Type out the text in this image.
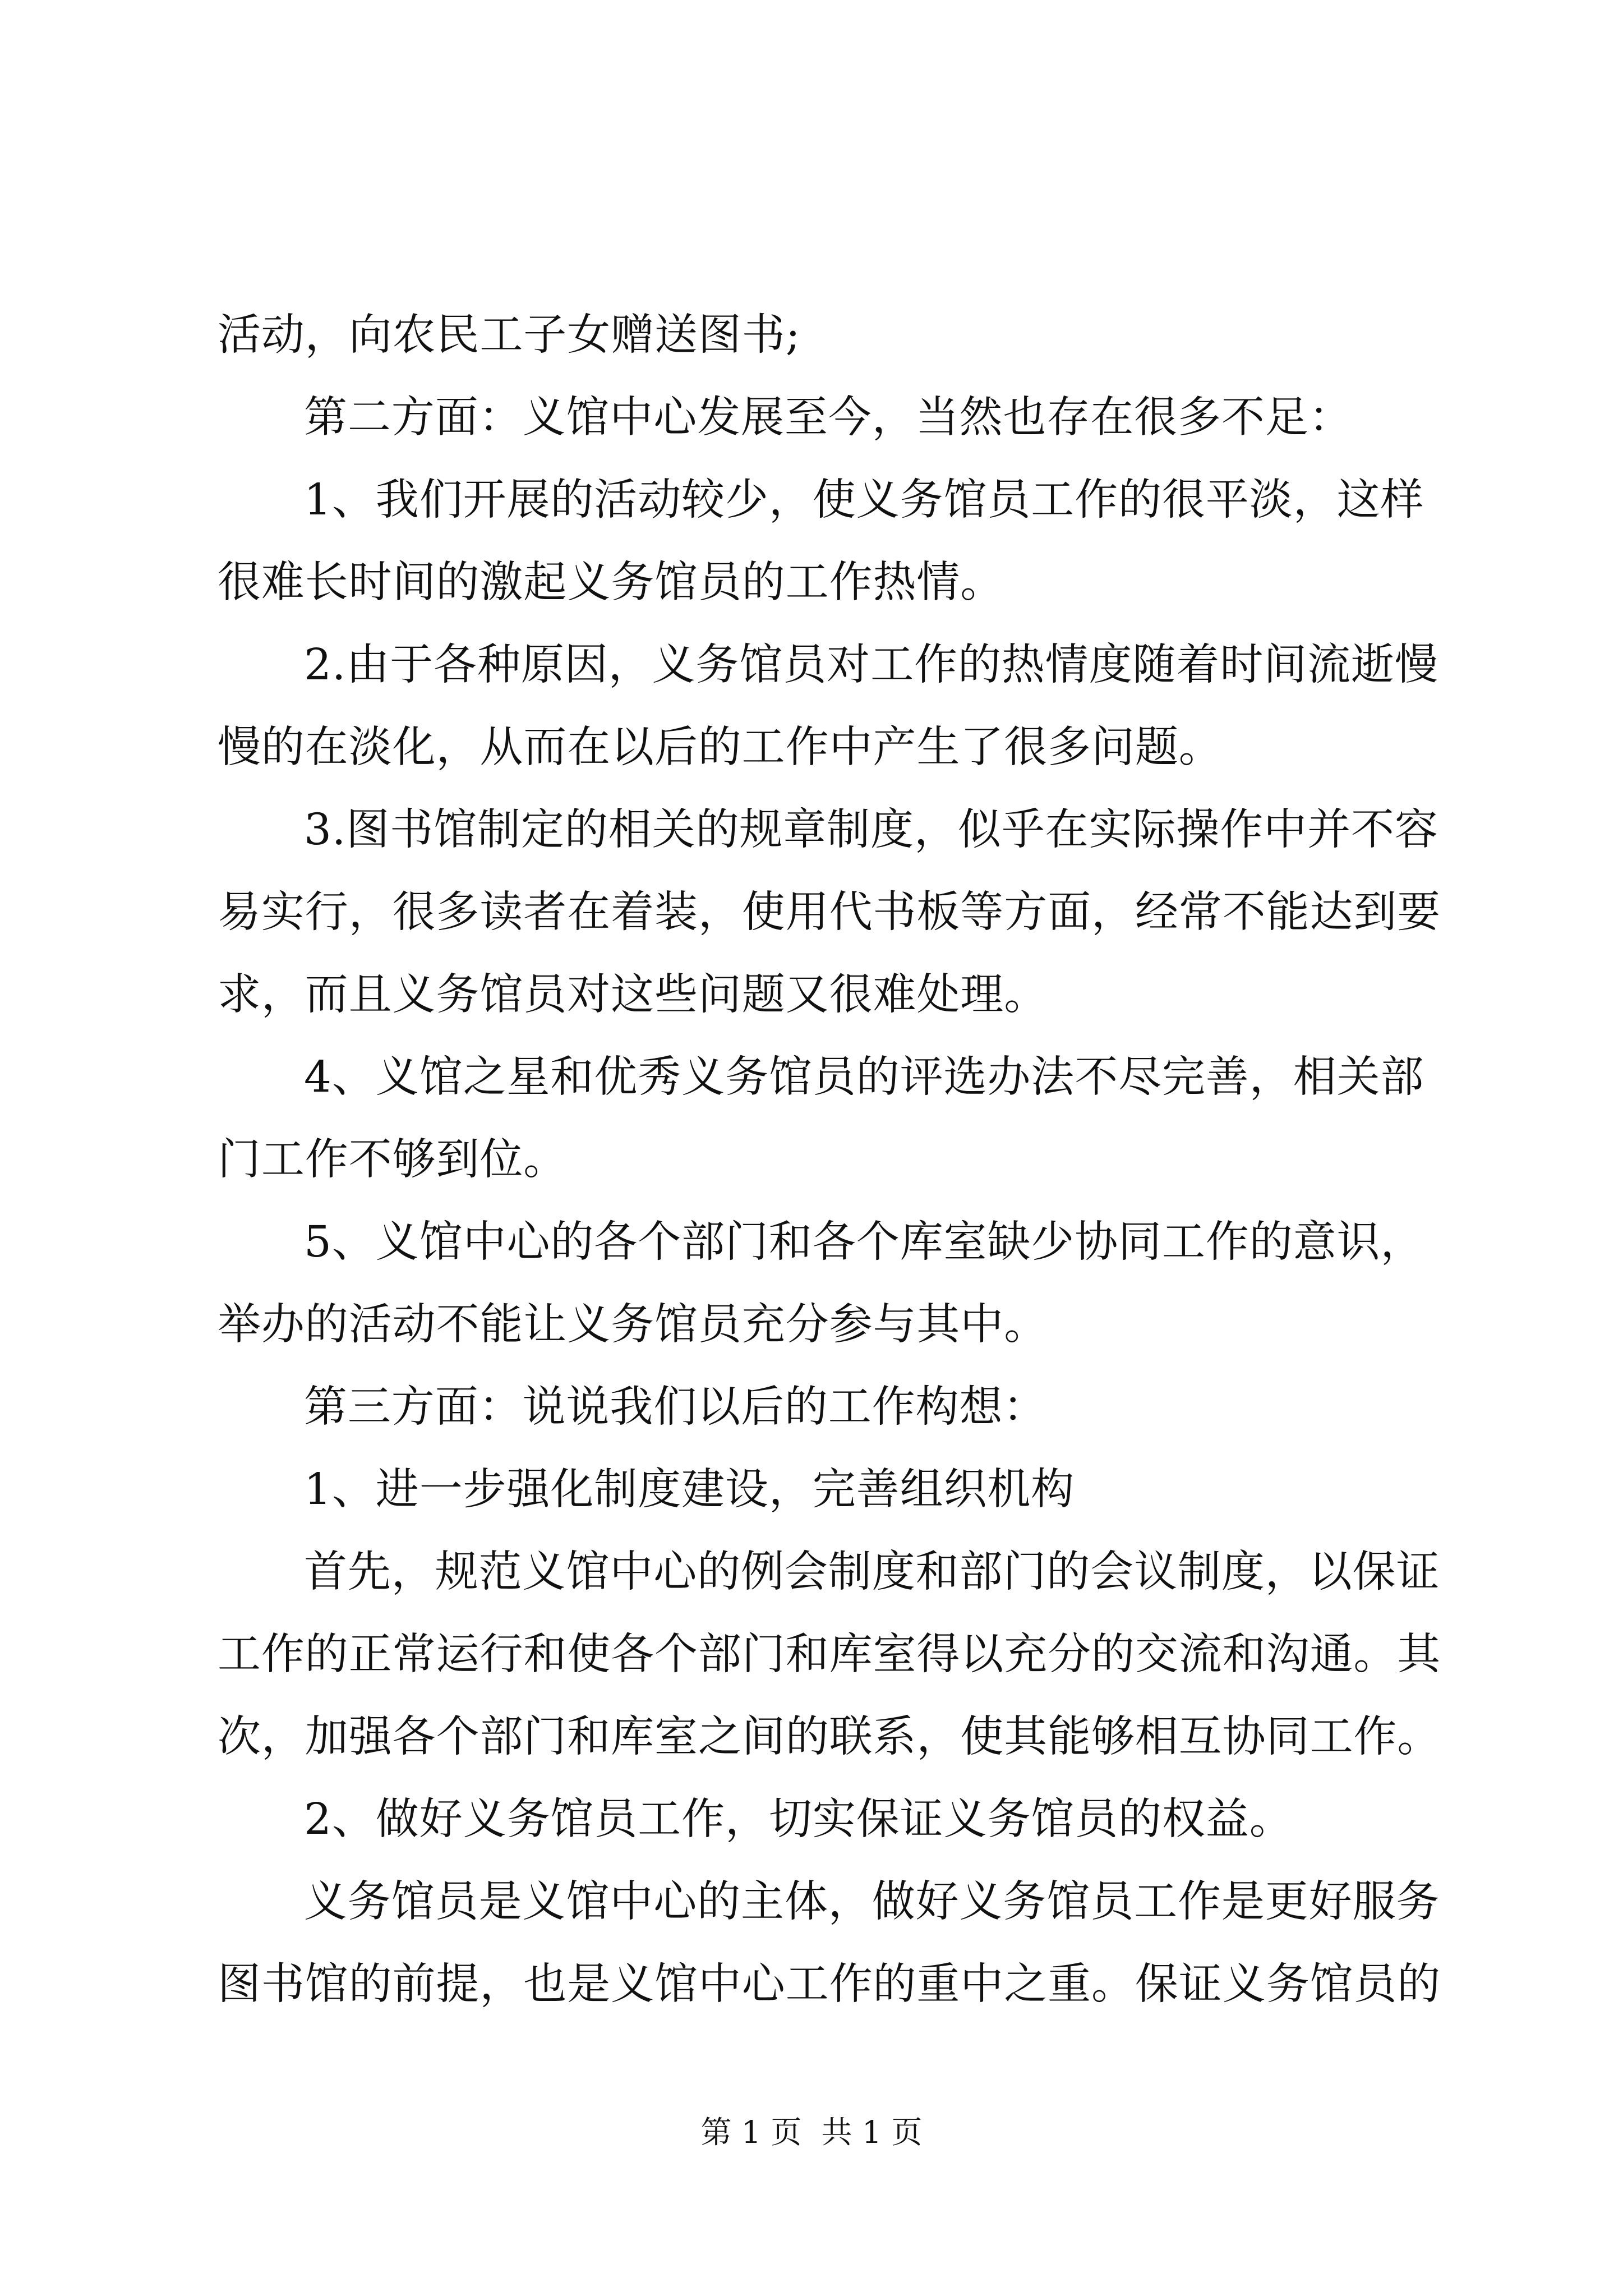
活动，向农民工子女赠送图书;
第二方面：义馆中心发展至今，当然也存在很多不足：
1、我们开展的活动较少，使义务馆员工作的很平淡，这样
很难长时间的激起义务馆员的工作热情。
2.由于各种原因，义务馆员对工作的热情度随着时间流逝慢
慢的在淡化，从而在以后的工作中产生了很多问题。
3.图书馆制定的相关的规章制度，似乎在实际操作中并不容
易实行，很多读者在着装，使用代书板等方面，经常不能达到要
求，而且义务馆员对这些问题又很难处理。
4、义馆之星和优秀义务馆员的评选办法不尽完善，相关部
门工作不够到位。
5、义馆中心的各个部门和各个库室缺少协同工作的意识，
举办的活动不能让义务馆员充分参与其中。
第三方面：说说我们以后的工作构想：
1、进一步强化制度建设，完善组织机构
首先，规范义馆中心的例会制度和部门的会议制度，以保证
工作的正常运行和使各个部门和库室得以充分的交流和沟通。其
次，加强各个部门和库室之间的联系，使其能够相互协同工作。
2、做好义务馆员工作，切实保证义务馆员的权益。
义务馆员是义馆中心的主体，做好义务馆员工作是更好服务
图书馆的前提，也是义馆中心工作的重中之重。保证义务馆员的
第 1 页  共 1 页
